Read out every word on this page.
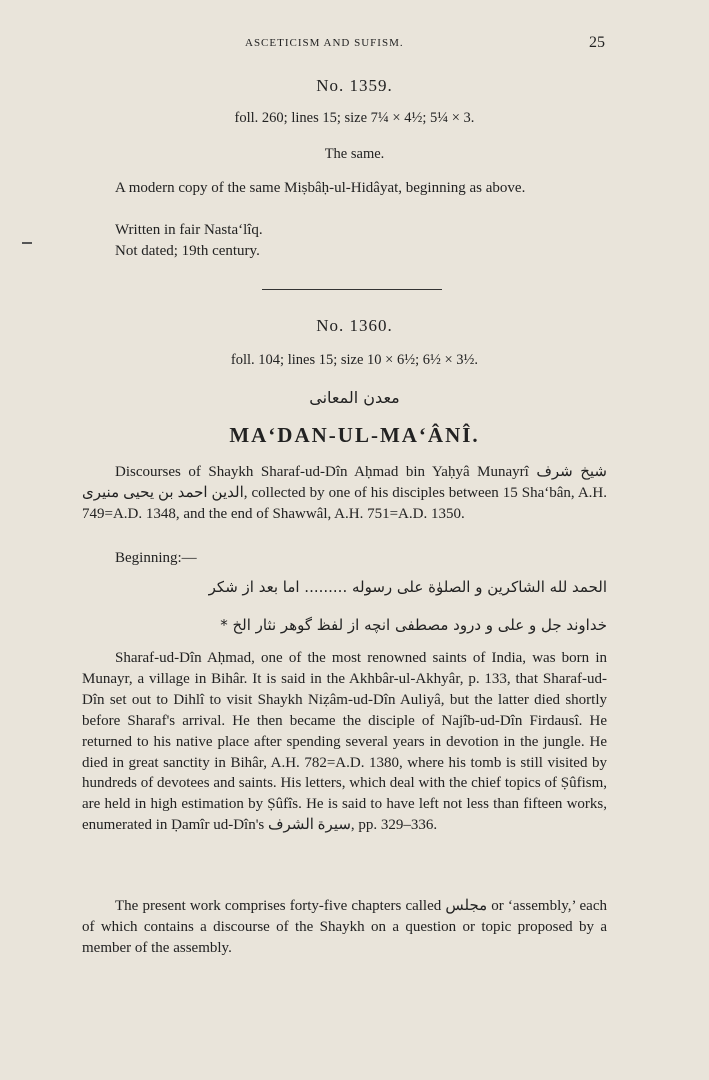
ASCETICISM AND SUFISM.	25
No. 1359.
foll. 260; lines 15; size 7¼ × 4½; 5¼ × 3.
The same.
A modern copy of the same Miṣbâḥ-ul-Hidâyat, beginning as above.
Written in fair Nasta‘lîq.
Not dated; 19th century.
No. 1360.
foll. 104; lines 15; size 10 × 6½; 6½ × 3½.
معدن المعانى
MA‘DAN-UL-MA‘ÂNÎ.
Discourses of Shaykh Sharaf-ud-Dîn Aḥmad bin Yaḥyâ Munayrî شیخ شرف الدین احمد بن یحیی منیری, collected by one of his disciples between 15 Sha‘bân, A.H. 749=A.D. 1348, and the end of Shawwâl, A.H. 751=A.D. 1350.
Beginning:—
الحمد لله الشاکرین و الصلوٰة علی رسوله ......... اما بعد از شکر
خداوند جل و علی و درود مصطفی انچه از لفظ گوهر نثار الخ *
Sharaf-ud-Dîn Aḥmad, one of the most renowned saints of India, was born in Munayr, a village in Bihâr. It is said in the Akhbâr-ul-Akhyâr, p. 133, that Sharaf-ud-Dîn set out to Dihlî to visit Shaykh Niẓâm-ud-Dîn Auliyâ, but the latter died shortly before Sharaf's arrival. He then became the disciple of Najîb-ud-Dîn Firdausî. He returned to his native place after spending several years in devotion in the jungle. He died in great sanctity in Bihâr, A.H. 782=A.D. 1380, where his tomb is still visited by hundreds of devotees and saints. His letters, which deal with the chief topics of Ṣûfism, are held in high estimation by Ṣûfîs. He is said to have left not less than fifteen works, enumerated in Ḍamîr ud-Dîn's سیرة الشرف, pp. 329–336.
The present work comprises forty-five chapters called مجلس or ‘assembly,’ each of which contains a discourse of the Shaykh on a question or topic proposed by a member of the assembly.
